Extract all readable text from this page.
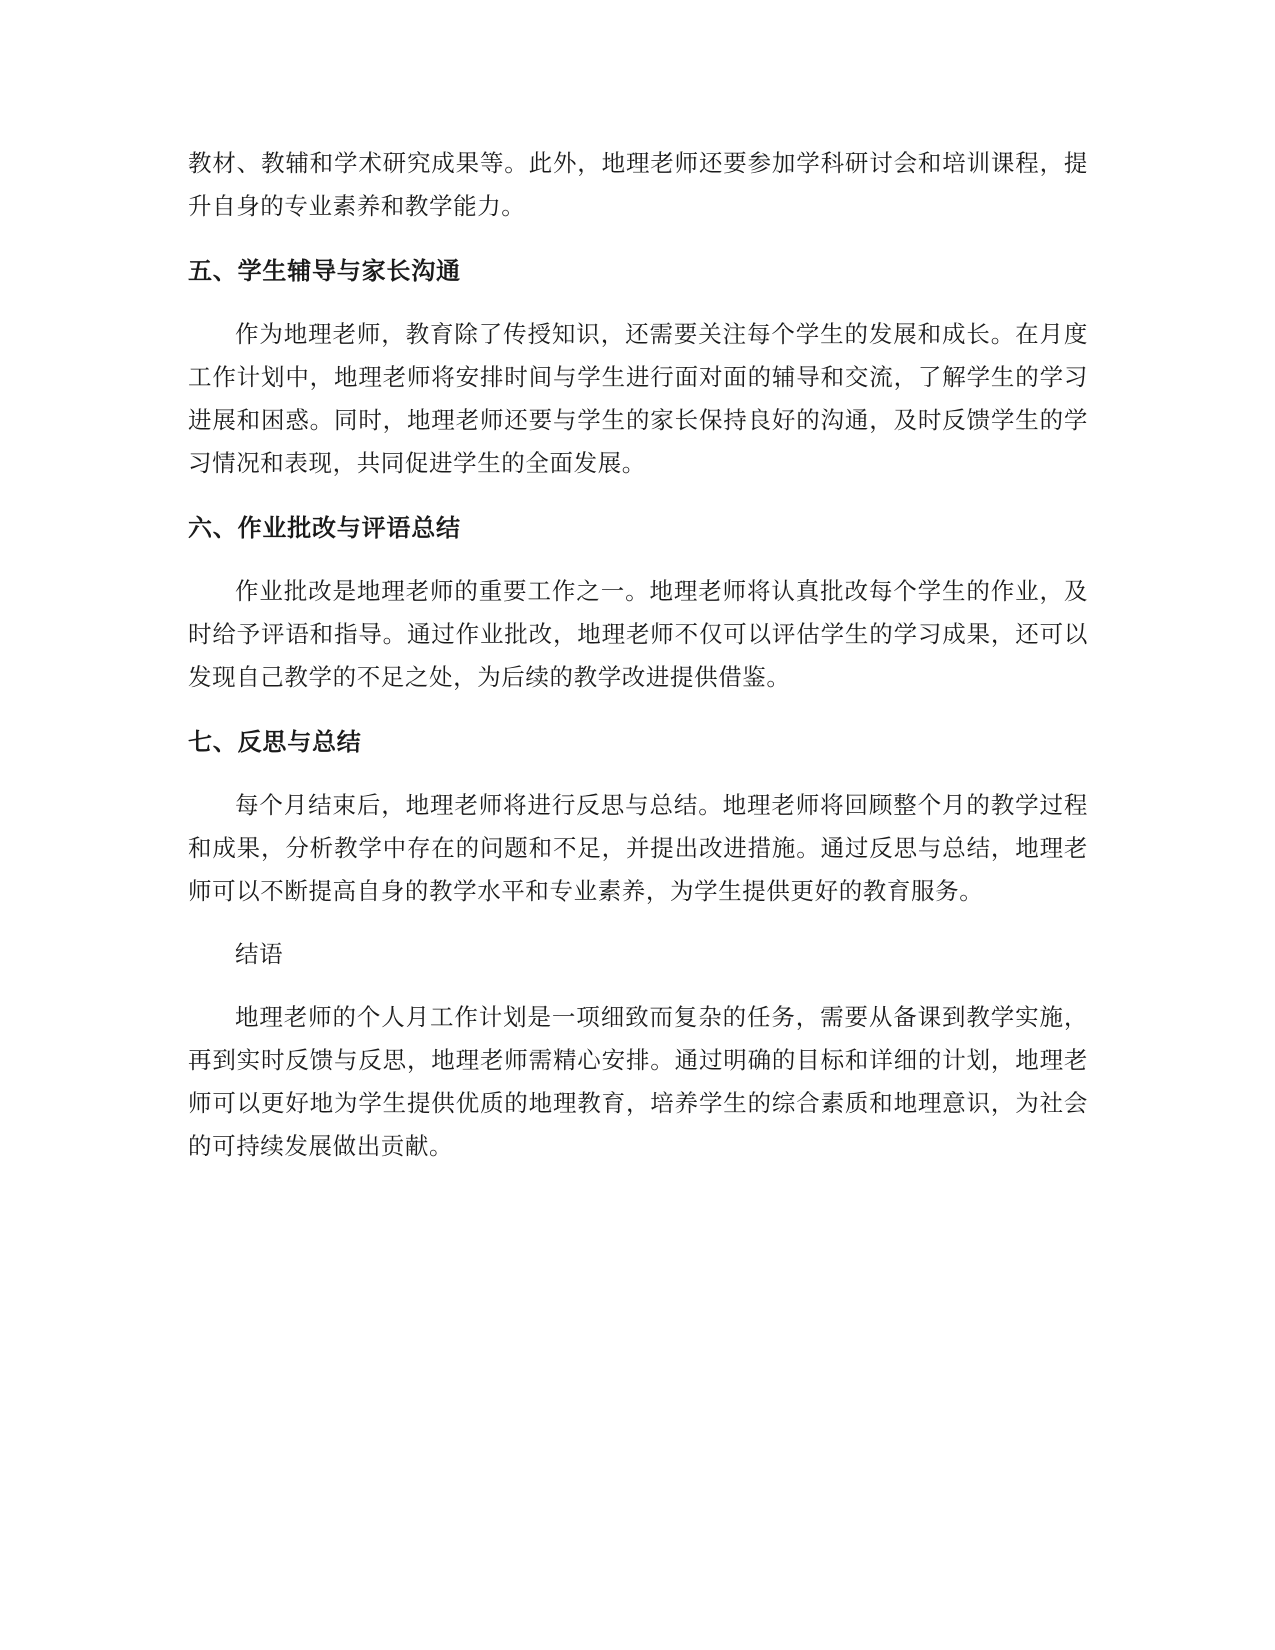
教材、教辅和学术研究成果等。此外，地理老师还要参加学科研讨会和培训课程，提升自身的专业素养和教学能力。

五、学生辅导与家长沟通

作为地理老师，教育除了传授知识，还需要关注每个学生的发展和成长。在月度工作计划中，地理老师将安排时间与学生进行面对面的辅导和交流，了解学生的学习进展和困惑。同时，地理老师还要与学生的家长保持良好的沟通，及时反馈学生的学习情况和表现，共同促进学生的全面发展。

六、作业批改与评语总结

作业批改是地理老师的重要工作之一。地理老师将认真批改每个学生的作业，及时给予评语和指导。通过作业批改，地理老师不仅可以评估学生的学习成果，还可以发现自己教学的不足之处，为后续的教学改进提供借鉴。

七、反思与总结

每个月结束后，地理老师将进行反思与总结。地理老师将回顾整个月的教学过程和成果，分析教学中存在的问题和不足，并提出改进措施。通过反思与总结，地理老师可以不断提高自身的教学水平和专业素养，为学生提供更好的教育服务。

结语

地理老师的个人月工作计划是一项细致而复杂的任务，需要从备课到教学实施，再到实时反馈与反思，地理老师需精心安排。通过明确的目标和详细的计划，地理老师可以更好地为学生提供优质的地理教育，培养学生的综合素质和地理意识，为社会的可持续发展做出贡献。
